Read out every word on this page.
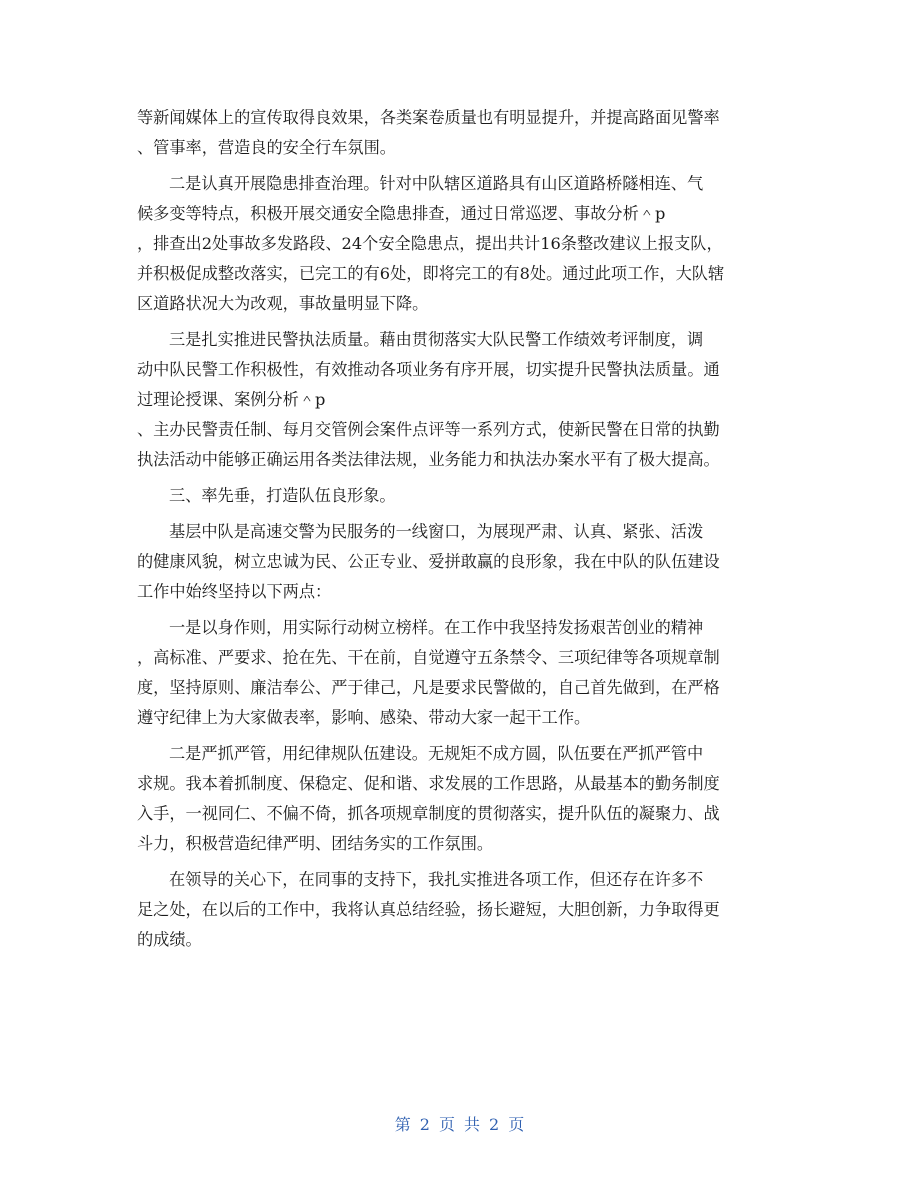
等新闻媒体上的宣传取得良效果，各类案卷质量也有明显提升，并提高路面见警率
、管事率，营造良的安全行车氛围。
二是认真开展隐患排查治理。针对中队辖区道路具有山区道路桥隧相连、气
候多变等特点，积极开展交通安全隐患排查，通过日常巡逻、事故分析＾p
，排查出2处事故多发路段、24个安全隐患点，提出共计16条整改建议上报支队，
并积极促成整改落实，已完工的有6处，即将完工的有8处。通过此项工作，大队辖
区道路状况大为改观，事故量明显下降。
三是扎实推进民警执法质量。藉由贯彻落实大队民警工作绩效考评制度，调
动中队民警工作积极性，有效推动各项业务有序开展，切实提升民警执法质量。通
过理论授课、案例分析＾p
、主办民警责任制、每月交管例会案件点评等一系列方式，使新民警在日常的执勤
执法活动中能够正确运用各类法律法规，业务能力和执法办案水平有了极大提高。
三、率先垂，打造队伍良形象。
基层中队是高速交警为民服务的一线窗口，为展现严肃、认真、紧张、活泼
的健康风貌，树立忠诚为民、公正专业、爱拼敢赢的良形象，我在中队的队伍建设
工作中始终坚持以下两点：
一是以身作则，用实际行动树立榜样。在工作中我坚持发扬艰苦创业的精神
，高标准、严要求、抢在先、干在前，自觉遵守五条禁令、三项纪律等各项规章制
度，坚持原则、廉洁奉公、严于律己，凡是要求民警做的，自己首先做到，在严格
遵守纪律上为大家做表率，影响、感染、带动大家一起干工作。
二是严抓严管，用纪律规队伍建设。无规矩不成方圆，队伍要在严抓严管中
求规。我本着抓制度、保稳定、促和谐、求发展的工作思路，从最基本的勤务制度
入手，一视同仁、不偏不倚，抓各项规章制度的贯彻落实，提升队伍的凝聚力、战
斗力，积极营造纪律严明、团结务实的工作氛围。
在领导的关心下，在同事的支持下，我扎实推进各项工作，但还存在许多不
足之处，在以后的工作中，我将认真总结经验，扬长避短，大胆创新，力争取得更
的成绩。
第 2 页 共 2 页
